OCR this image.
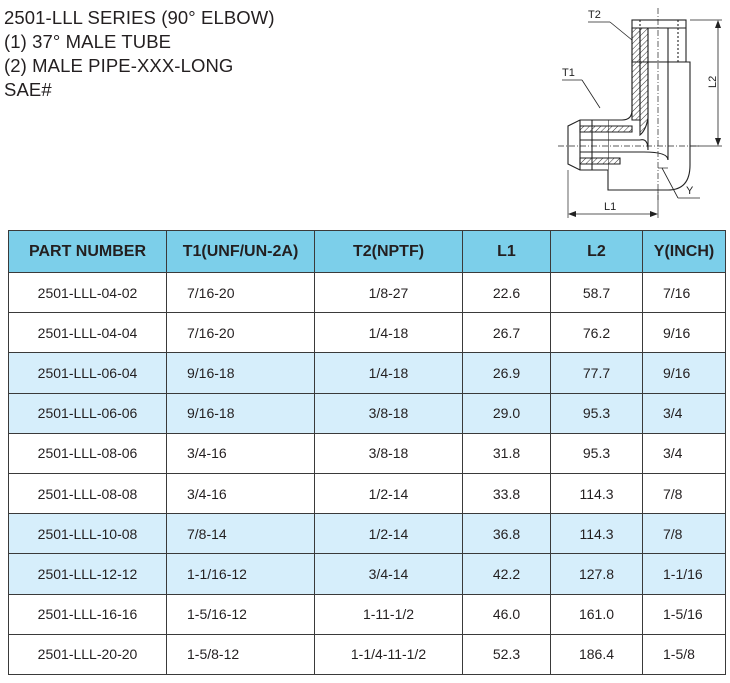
2501-LLL SERIES (90° ELBOW)
(1) 37° MALE TUBE
(2) MALE PIPE-XXX-LONG
SAE#
T2
T1
L2
L1
Y
PART NUMBER	T1(UNF/UN-2A)	T2(NPTF)	L1	L2	Y(INCH)
2501-LLL-04-02	7/16-20	1/8-27	22.6	58.7	7/16
2501-LLL-04-04	7/16-20	1/4-18	26.7	76.2	9/16
2501-LLL-06-04	9/16-18	1/4-18	26.9	77.7	9/16
2501-LLL-06-06	9/16-18	3/8-18	29.0	95.3	3/4
2501-LLL-08-06	3/4-16	3/8-18	31.8	95.3	3/4
2501-LLL-08-08	3/4-16	1/2-14	33.8	114.3	7/8
2501-LLL-10-08	7/8-14	1/2-14	36.8	114.3	7/8
2501-LLL-12-12	1-1/16-12	3/4-14	42.2	127.8	1-1/16
2501-LLL-16-16	1-5/16-12	1-11-1/2	46.0	161.0	1-5/16
2501-LLL-20-20	1-5/8-12	1-1/4-11-1/2	52.3	186.4	1-5/8
